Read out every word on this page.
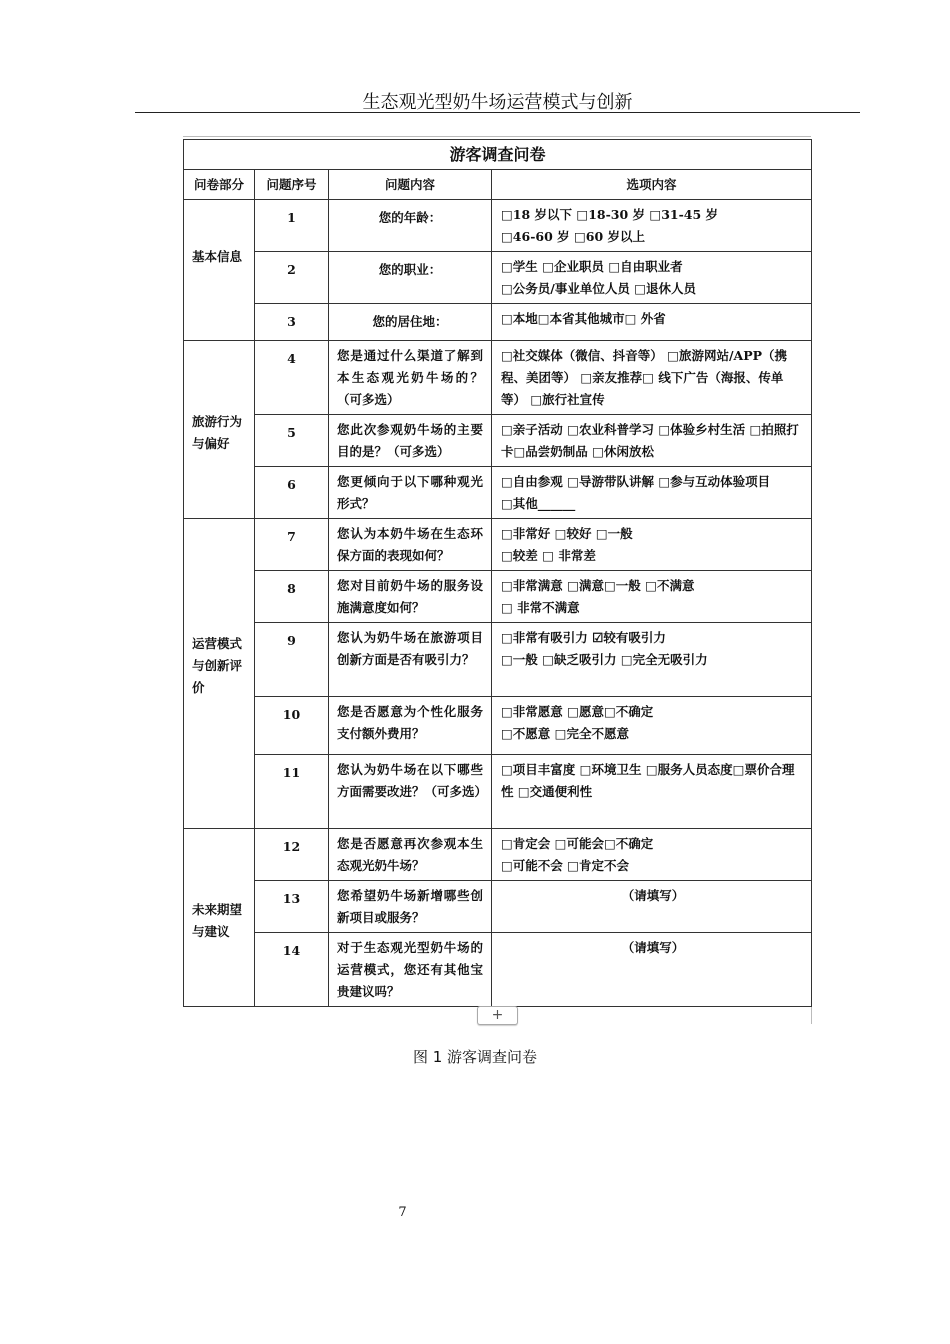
生态观光型奶牛场运营模式与创新
游客调查问卷			
问卷部分	问题序号	问题内容	选项内容

基本信息	1	您的年龄：	□18 岁以下 □18-30 岁 □31-45 岁
□46-60 岁 □60 岁以上

	2	您的职业：	□学生 □企业职员 □自由职业者
□公务员/事业单位人员 □退休人员

	3	您的居住地：	□本地□本省其他城市□ 外省

旅游行为与偏好	4	您是通过什么渠道了解到本生态观光奶牛场的？（可多选）	□社交媒体（微信、抖音等） □旅游网站/APP（携程、美团等） □亲友推荐□ 线下广告（海报、传单等） □旅行社宣传

	5	您此次参观奶牛场的主要目的是？（可多选）	□亲子活动 □农业科普学习 □体验乡村生活 □拍照打卡□品尝奶制品 □休闲放松

	6	您更倾向于以下哪种观光形式？	□自由参观 □导游带队讲解 □参与互动体验项目
□其他______

运营模式与创新评价	7	您认为本奶牛场在生态环保方面的表现如何？	□非常好 □较好 □一般
□较差 □ 非常差

	8	您对目前奶牛场的服务设施满意度如何？	□非常满意 □满意□一般 □不满意
□ 非常不满意

	9	您认为奶牛场在旅游项目创新方面是否有吸引力？	□非常有吸引力 ☑较有吸引力
□一般 □缺乏吸引力 □完全无吸引力

	10	您是否愿意为个性化服务支付额外费用？	□非常愿意 □愿意□不确定
□不愿意 □完全不愿意

	11	您认为奶牛场在以下哪些方面需要改进？（可多选）	□项目丰富度 □环境卫生 □服务人员态度□票价合理性 □交通便利性

未来期望与建议	12	您是否愿意再次参观本生态观光奶牛场？	□肯定会 □可能会□不确定
□可能不会 □肯定不会

	13	您希望奶牛场新增哪些创新项目或服务？	（请填写）

	14	对于生态观光型奶牛场的运营模式，您还有其他宝贵建议吗？	（请填写）
+
图 1 游客调查问卷
7
